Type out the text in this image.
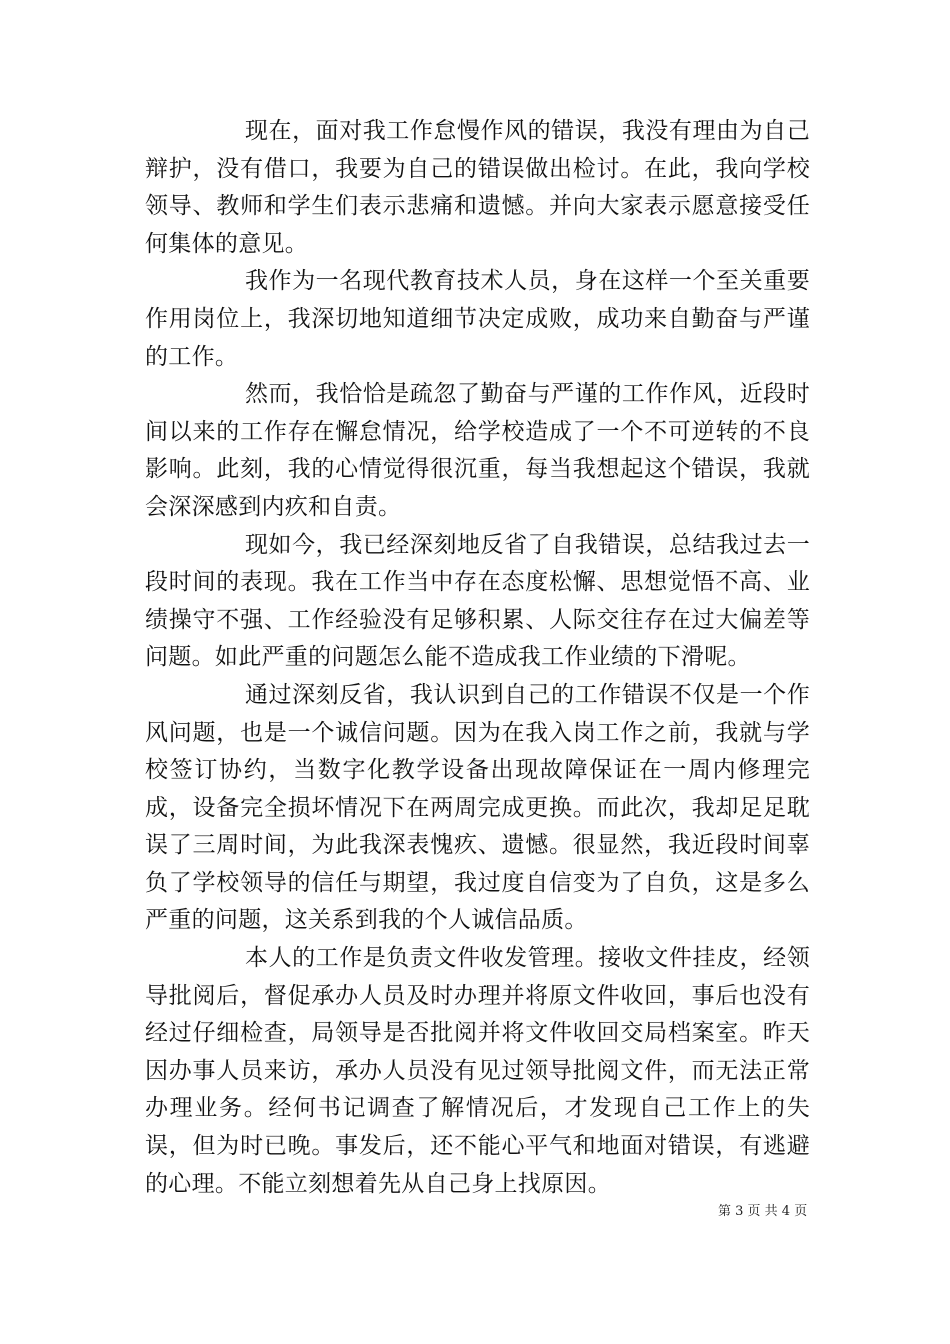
现在，面对我工作怠慢作风的错误，我没有理由为自己辩护，没有借口，我要为自己的错误做出检讨。在此，我向学校领导、教师和学生们表示悲痛和遗憾。并向大家表示愿意接受任何集体的意见。

我作为一名现代教育技术人员，身在这样一个至关重要作用岗位上，我深切地知道细节决定成败，成功来自勤奋与严谨的工作。

然而，我恰恰是疏忽了勤奋与严谨的工作作风，近段时间以来的工作存在懈怠情况，给学校造成了一个不可逆转的不良影响。此刻，我的心情觉得很沉重，每当我想起这个错误，我就会深深感到内疚和自责。

现如今，我已经深刻地反省了自我错误，总结我过去一段时间的表现。我在工作当中存在态度松懈、思想觉悟不高、业绩操守不强、工作经验没有足够积累、人际交往存在过大偏差等问题。如此严重的问题怎么能不造成我工作业绩的下滑呢。

通过深刻反省，我认识到自己的工作错误不仅是一个作风问题，也是一个诚信问题。因为在我入岗工作之前，我就与学校签订协约，当数字化教学设备出现故障保证在一周内修理完成，设备完全损坏情况下在两周完成更换。而此次，我却足足耽误了三周时间，为此我深表愧疚、遗憾。很显然，我近段时间辜负了学校领导的信任与期望，我过度自信变为了自负，这是多么严重的问题，这关系到我的个人诚信品质。

本人的工作是负责文件收发管理。接收文件挂皮，经领导批阅后，督促承办人员及时办理并将原文件收回，事后也没有经过仔细检查，局领导是否批阅并将文件收回交局档案室。昨天因办事人员来访，承办人员没有见过领导批阅文件，而无法正常办理业务。经何书记调查了解情况后，才发现自己工作上的失误，但为时已晚。事发后，还不能心平气和地面对错误，有逃避的心理。不能立刻想着先从自己身上找原因。

第 3 页 共 4 页
